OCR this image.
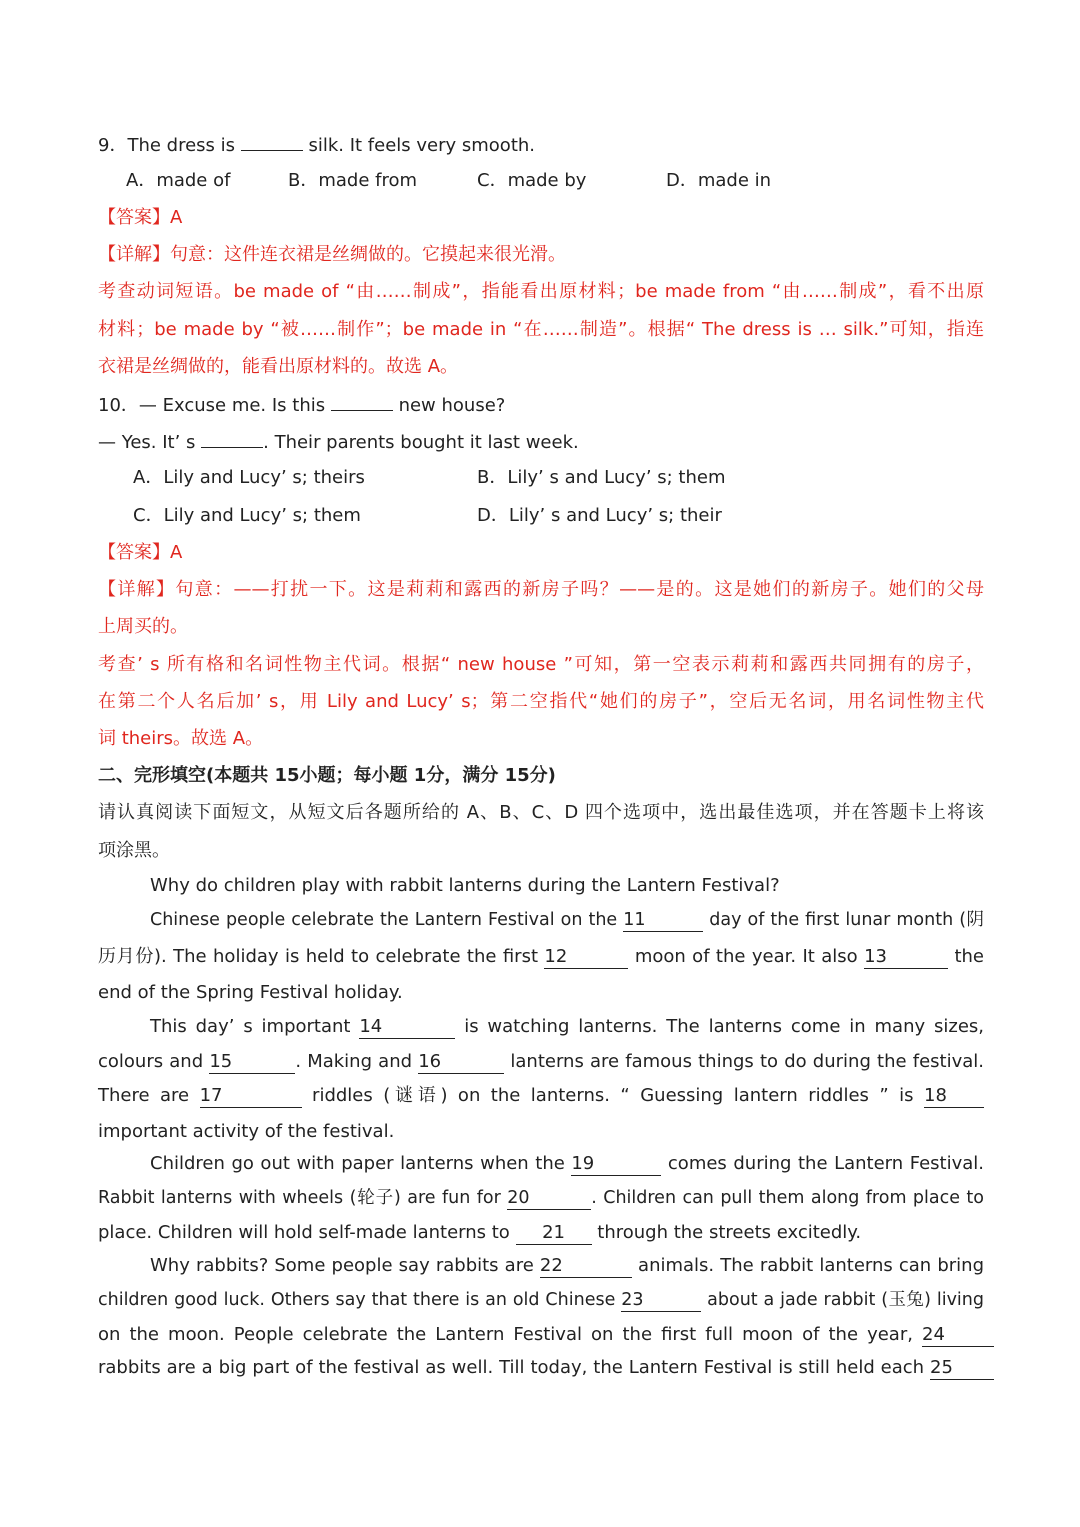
9．The dress is	silk. It feels very smooth.
A．made of	B．made from	C．made by	D．made in
【答案】A
【详解】句意：这件连衣裙是丝绸做的。它摸起来很光滑。
考查动词短语。be made of “由……制成”，指能看出原材料；be made from “由……制成”，看不出原
材料；be made by “被……制作”；be made in “在……制造”。根据“ The dress is … silk.”可知，指连
衣裙是丝绸做的，能看出原材料的。故选 A。
10．— Excuse me. Is this	new house?
— Yes. It’ s	. Their parents bought it last week.
A．Lily and Lucy’ s; theirs	B．Lily’ s and Lucy’ s; them
C．Lily and Lucy’ s; them	D．Lily’ s and Lucy’ s; their
【答案】A
【详解】句意：——打扰一下。这是莉莉和露西的新房子吗？——是的。这是她们的新房子。她们的父母
上周买的。
考查’ s 所有格和名词性物主代词。根据“ new house ”可知，第一空表示莉莉和露西共同拥有的房子，
在第二个人名后加’ s，用 Lily and Lucy’ s；第二空指代“她们的房子”，空后无名词，用名词性物主代
词 theirs。故选 A。
二、完形填空(本题共 15小题；每小题 1分，满分 15分)
请认真阅读下面短文，从短文后各题所给的 A、B、C、D 四个选项中，选出最佳选项，并在答题卡上将该
项涂黑。
Why do children play with rabbit lanterns during the Lantern Festival?
Chinese people celebrate the Lantern Festival on the 11	day of the first lunar month (阴
历月份). The holiday is held to celebrate the first 12	moon of the year. It also 13	the
end of the Spring Festival holiday.
This day’ s important 14	is watching lanterns. The lanterns come in many sizes,
colours and 15	. Making and 16	lanterns are famous things to do during the festival.
There are 17	riddles (谜语) on the lanterns. “ Guessing lantern riddles ” is 18
important activity of the festival.
Children go out with paper lanterns when the 19	comes during the Lantern Festival.
Rabbit lanterns with wheels (轮子) are fun for 20	. Children can pull them along from place to
place. Children will hold self-made lanterns to 21 through the streets excitedly.
Why rabbits? Some people say rabbits are 22	animals. The rabbit lanterns can bring
children good luck. Others say that there is an old Chinese 23	about a jade rabbit (玉兔) living
on the moon. People celebrate the Lantern Festival on the first full moon of the year, 24
rabbits are a big part of the festival as well. Till today, the Lantern Festival is still held each 25
